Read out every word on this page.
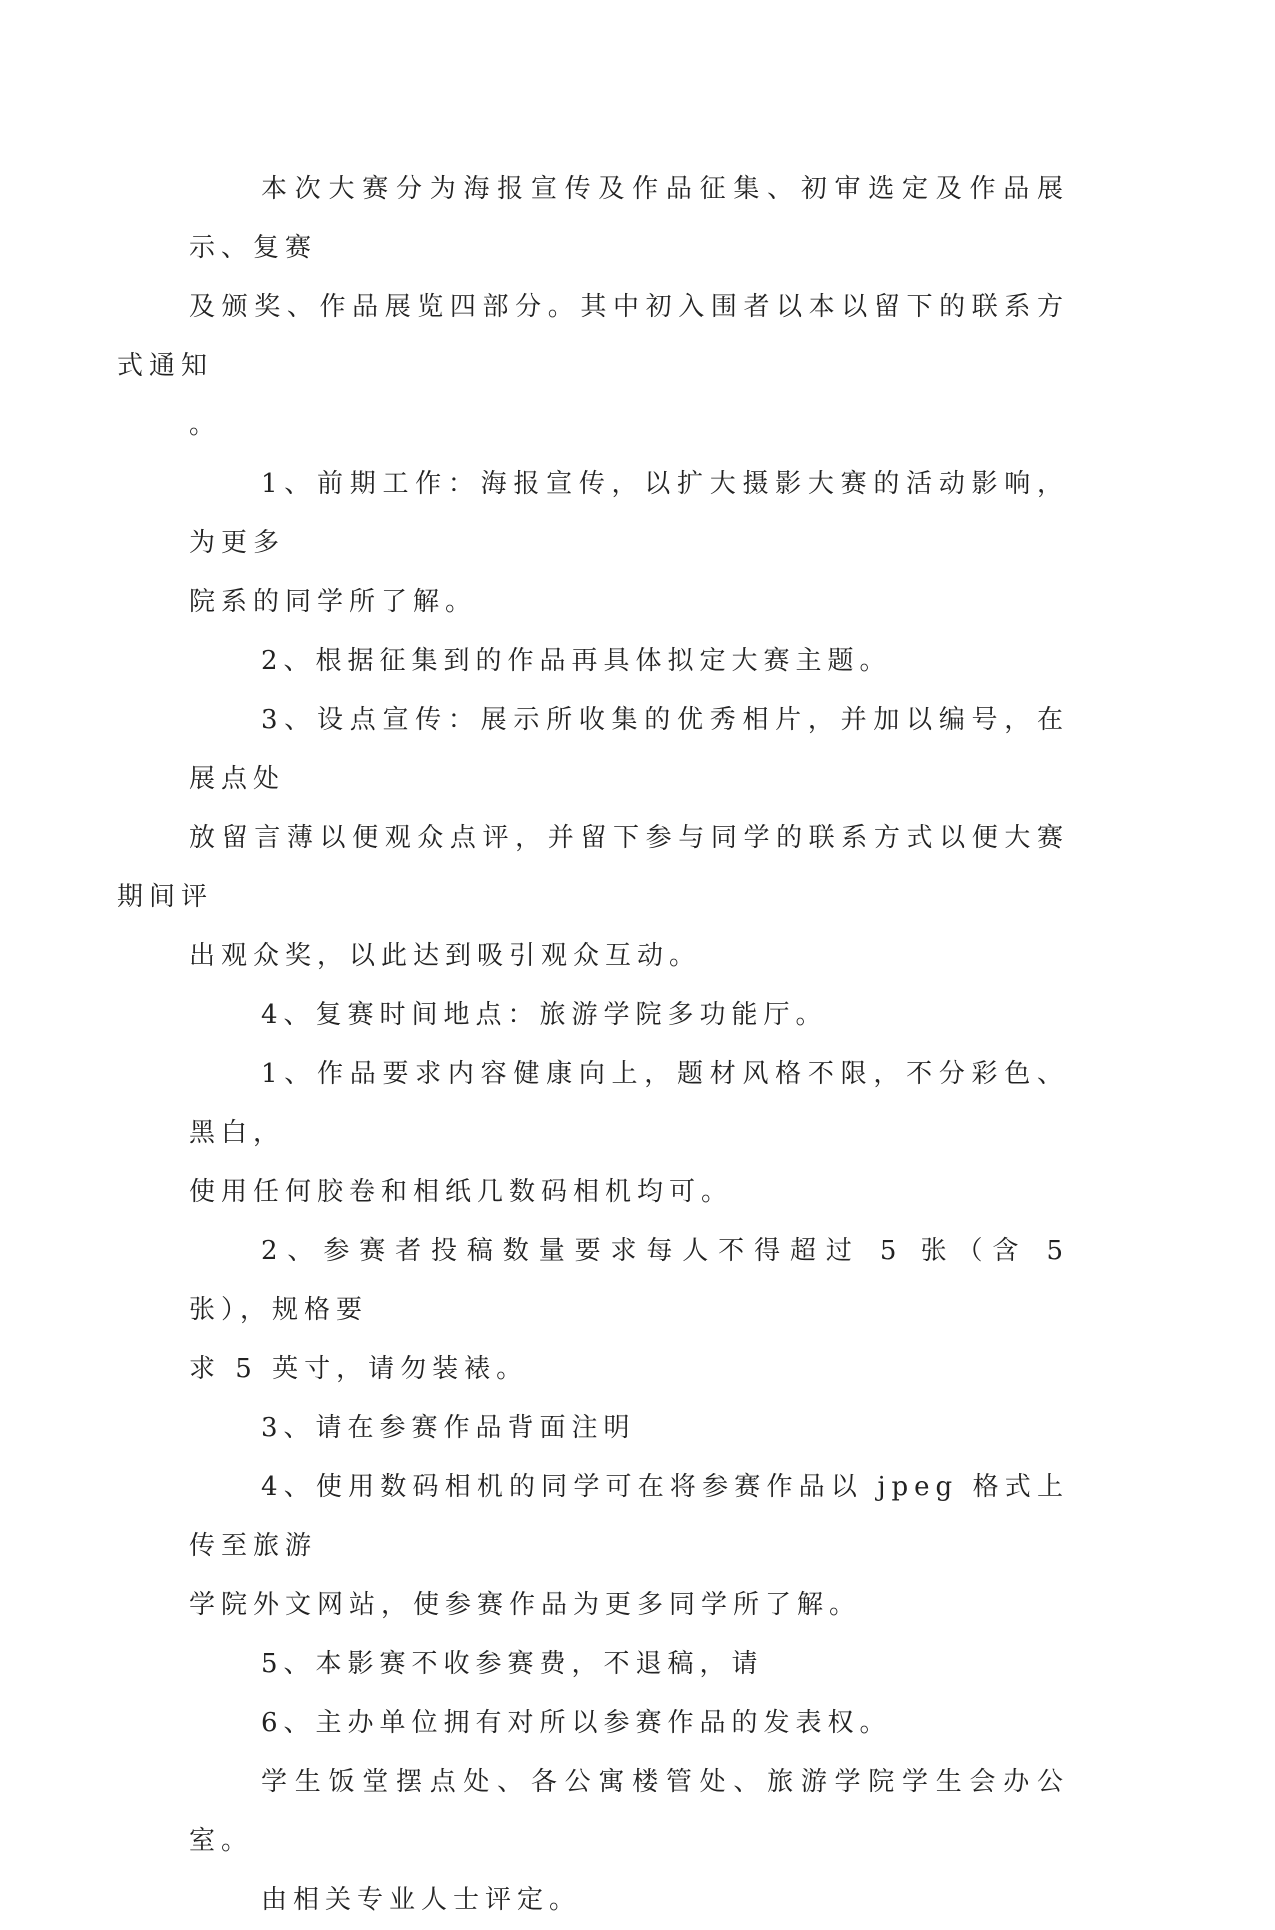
本次大赛分为海报宣传及作品征集、初审选定及作品展示、复赛
及颁奖、作品展览四部分。其中初入围者以本以留下的联系方式通知
。

1、前期工作：海报宣传，以扩大摄影大赛的活动影响，为更多
院系的同学所了解。

2、根据征集到的作品再具体拟定大赛主题。

3、设点宣传：展示所收集的优秀相片，并加以编号，在展点处
放留言薄以便观众点评，并留下参与同学的联系方式以便大赛期间评
出观众奖，以此达到吸引观众互动。

4、复赛时间地点：旅游学院多功能厅。

1、作品要求内容健康向上，题材风格不限，不分彩色、黑白，
使用任何胶卷和相纸几数码相机均可。

2、参赛者投稿数量要求每人不得超过 5 张（含 5 张），规格要
求 5 英寸，请勿装裱。

3、请在参赛作品背面注明

4、使用数码相机的同学可在将参赛作品以 jpeg 格式上传至旅游
学院外文网站，使参赛作品为更多同学所了解。

5、本影赛不收参赛费，不退稿，请

6、主办单位拥有对所以参赛作品的发表权。

学生饭堂摆点处、各公寓楼管处、旅游学院学生会办公室。

由相关专业人士评定。
